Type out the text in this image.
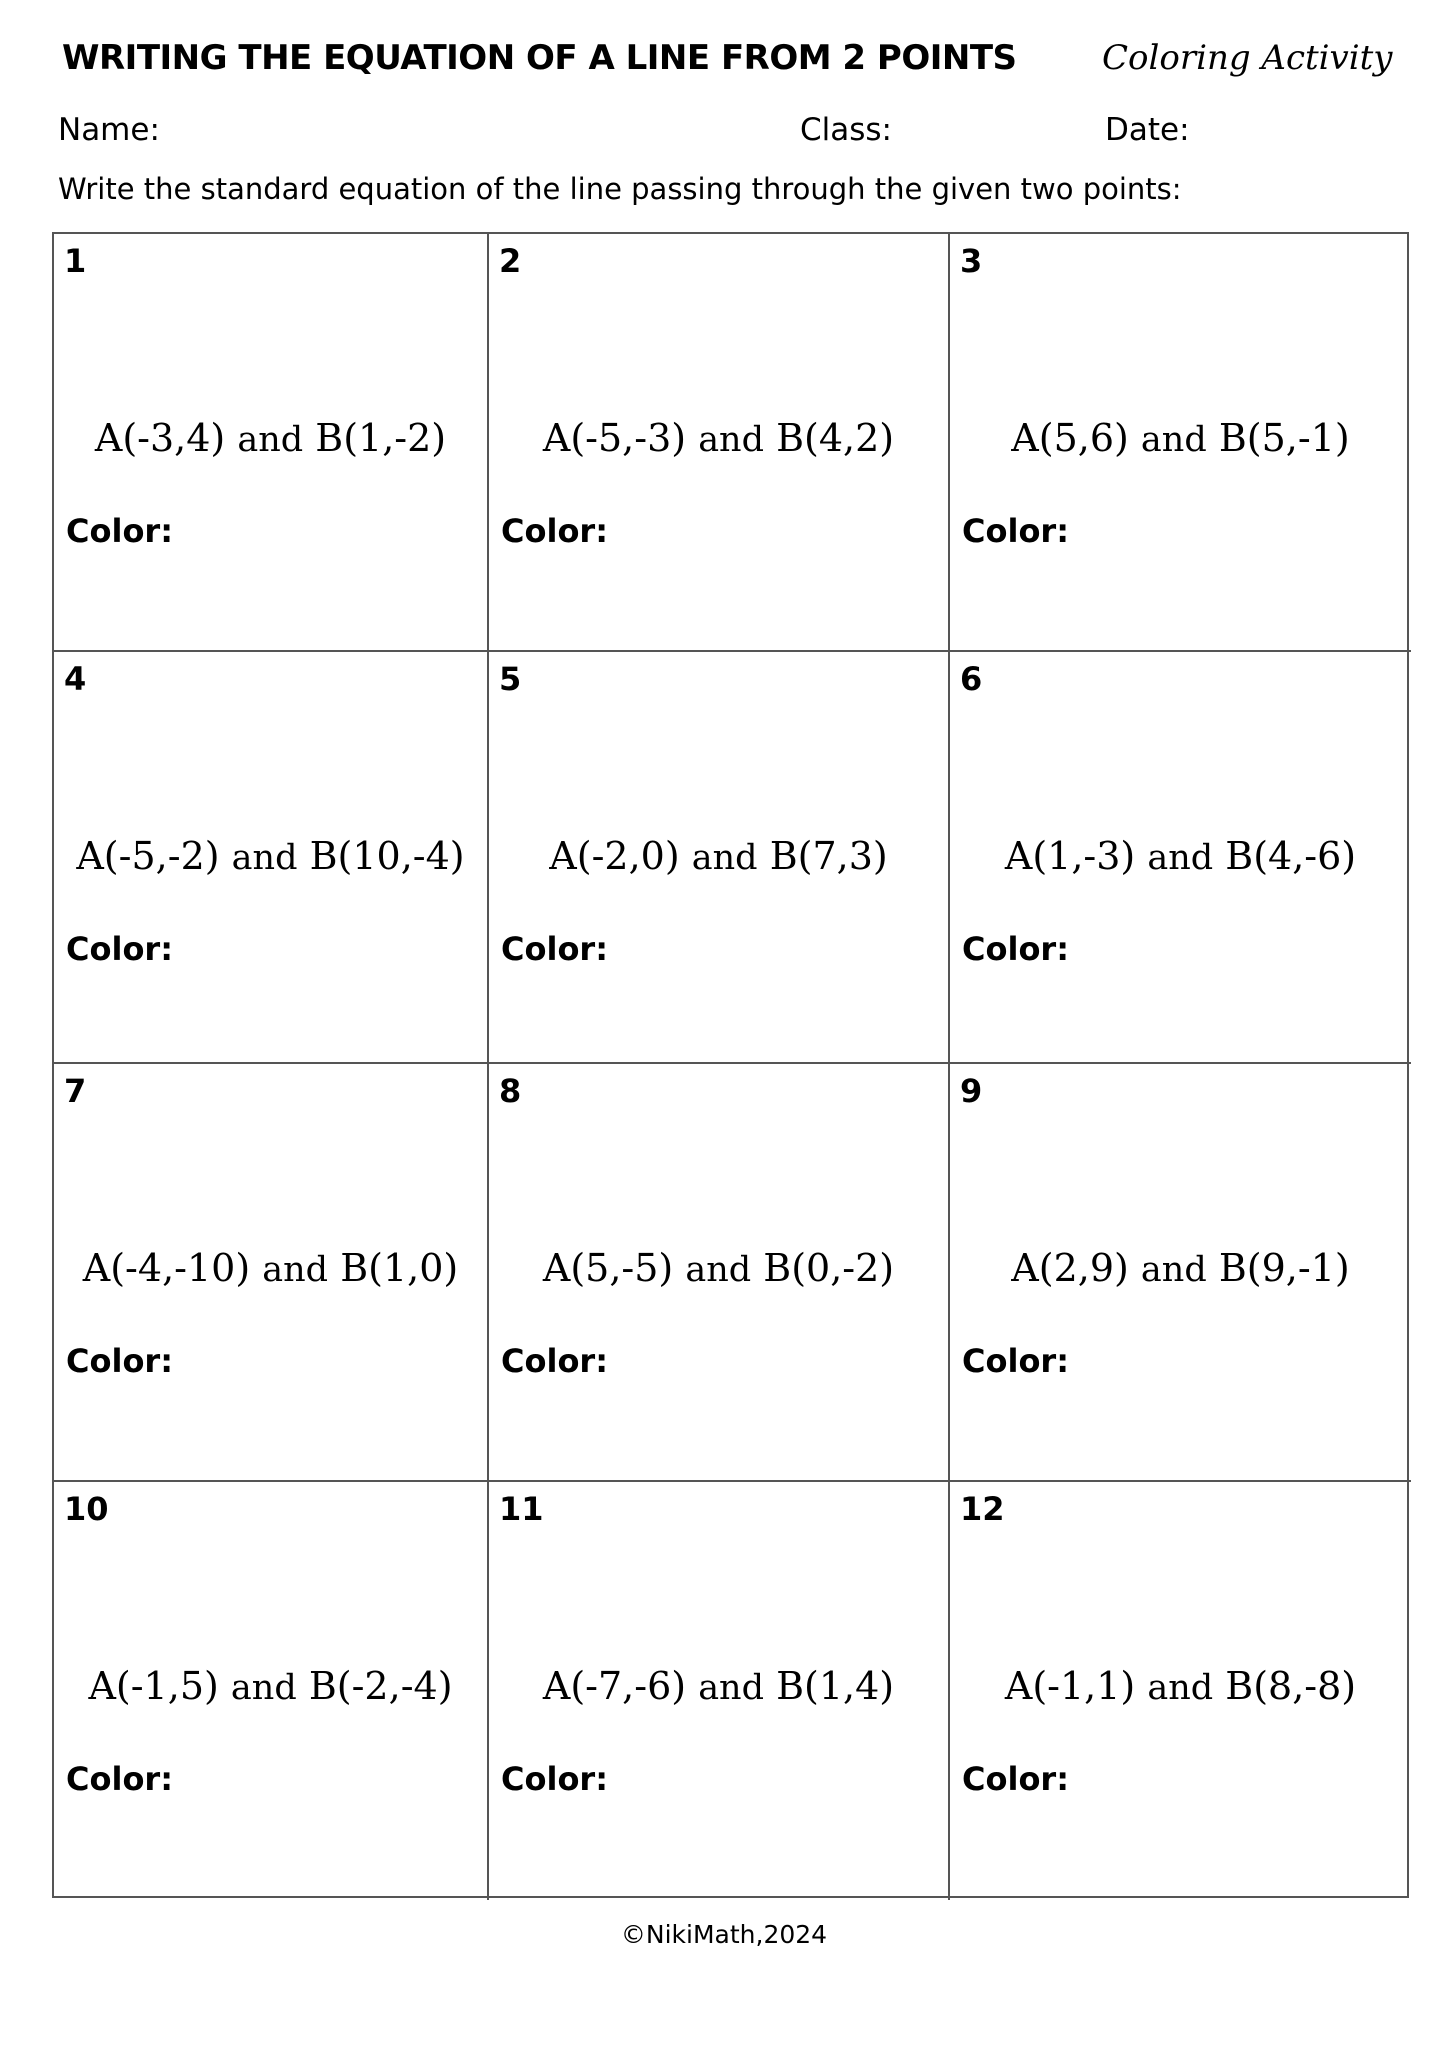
WRITING THE EQUATION OF A LINE FROM 2 POINTS	Coloring Activity
Name:	Class:	Date:
Write the standard equation of the line passing through the given two points:
1
A(-3,4) and B(1,-2)
Color:
2
A(-5,-3) and B(4,2)
Color:
3
A(5,6) and B(5,-1)
Color:
4
A(-5,-2) and B(10,-4)
Color:
5
A(-2,0) and B(7,3)
Color:
6
A(1,-3) and B(4,-6)
Color:
7
A(-4,-10) and B(1,0)
Color:
8
A(5,-5) and B(0,-2)
Color:
9
A(2,9) and B(9,-1)
Color:
10
A(-1,5) and B(-2,-4)
Color:
11
A(-7,-6) and B(1,4)
Color:
12
A(-1,1) and B(8,-8)
Color:
©NikiMath,2024
